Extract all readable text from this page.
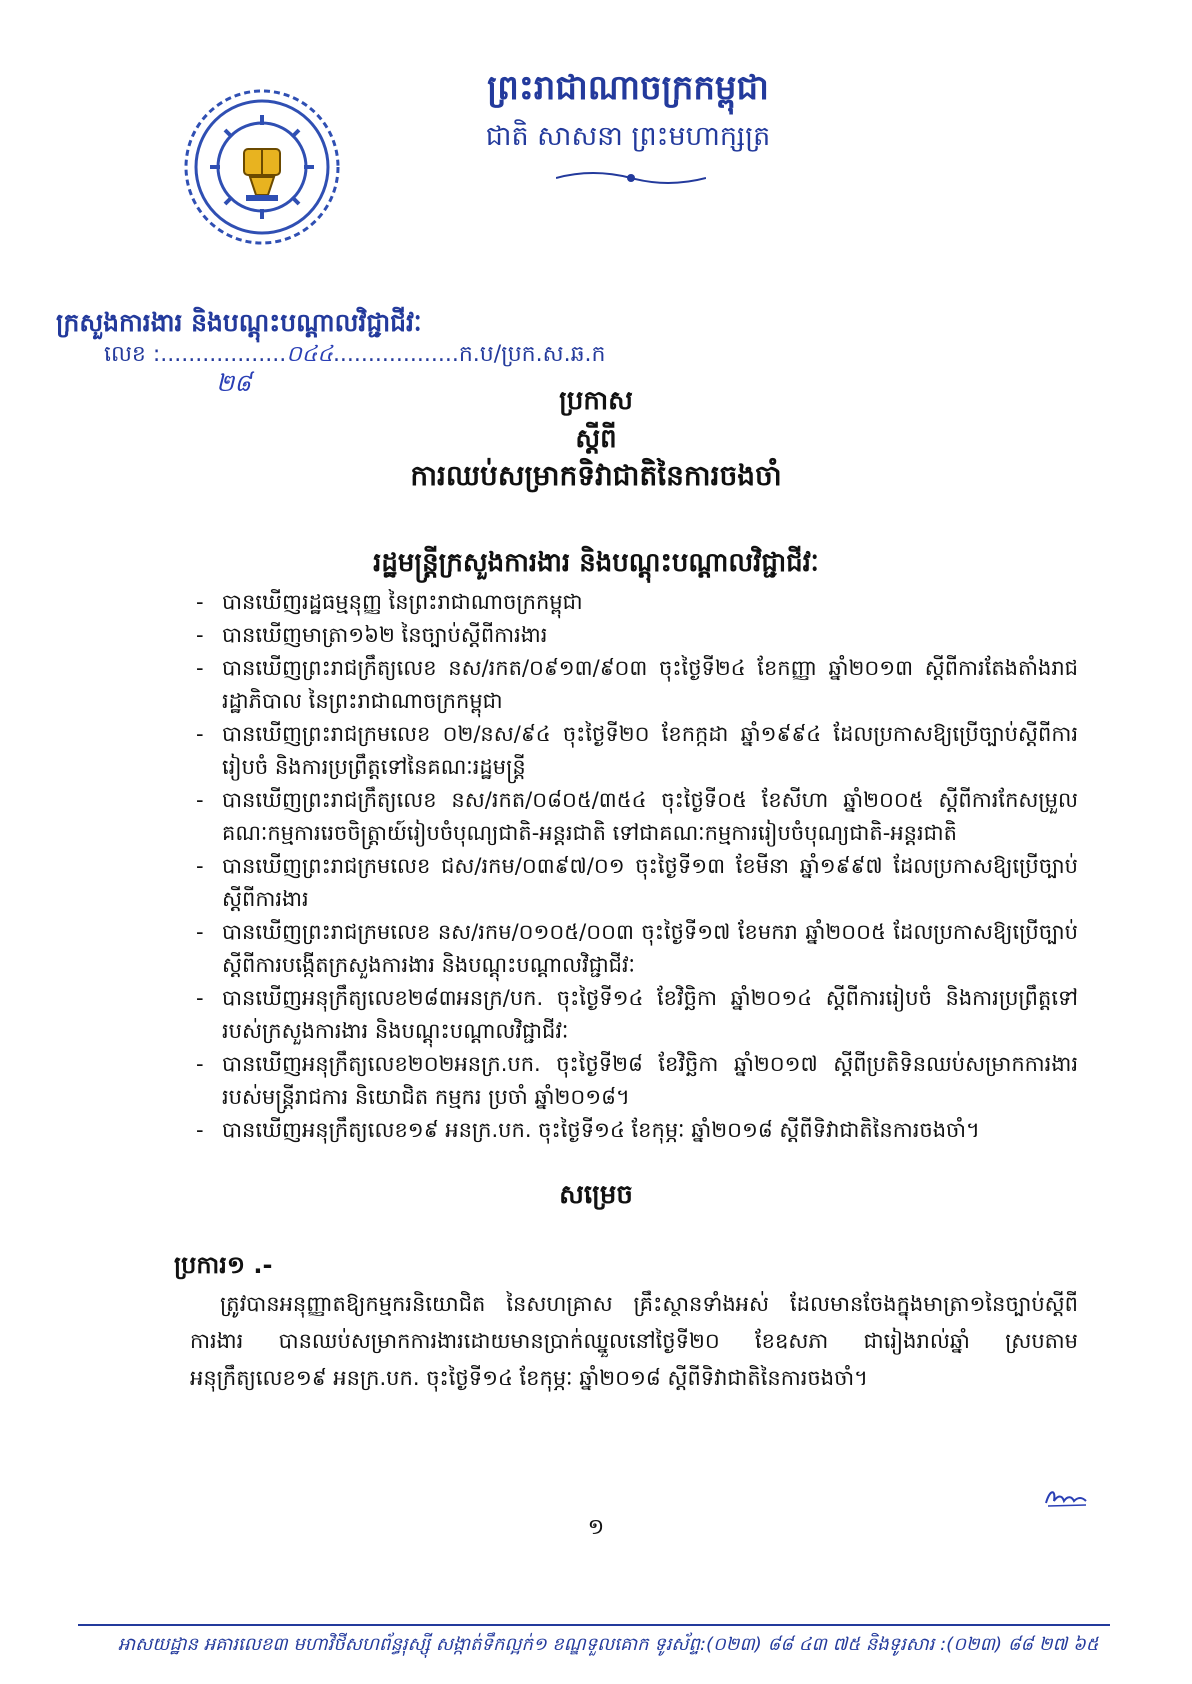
ព្រះរាជាណាចក្រកម្ពុជា
ជាតិ សាសនា ព្រះមហាក្សត្រ
ក្រសួងការងារ និងបណ្តុះបណ្តាលវិជ្ជាជីវៈ
លេខ :..................០៤៤..................ក.ប/ប្រក.ស.ឆ.ក
២៨
ប្រកាស
ស្តីពី
ការឈប់សម្រាកទិវាជាតិនៃការចងចាំ
រដ្ឋមន្ត្រីក្រសួងការងារ និងបណ្តុះបណ្តាលវិជ្ជាជីវៈ
- បានឃើញរដ្ឋធម្មនុញ្ញ នៃព្រះរាជាណាចក្រកម្ពុជា
- បានឃើញមាត្រា១៦២ នៃច្បាប់ស្តីពីការងារ
- បានឃើញព្រះរាជក្រឹត្យលេខ នស/រកត/០៩១៣/៩០៣ ចុះថ្ងៃទី២៤ ខែកញ្ញា ឆ្នាំ២០១៣ ស្តីពីការតែងតាំងរាជរដ្ឋាភិបាល នៃព្រះរាជាណាចក្រកម្ពុជា
- បានឃើញព្រះរាជក្រមលេខ ០២/នស/៩៤ ចុះថ្ងៃទី២០ ខែកក្កដា ឆ្នាំ១៩៩៤ ដែលប្រកាសឱ្យប្រើច្បាប់ស្តីពីការរៀបចំ និងការប្រព្រឹត្តទៅនៃគណៈរដ្ឋមន្ត្រី
- បានឃើញព្រះរាជក្រឹត្យលេខ នស/រកត/០៨០៥/៣៥៤ ចុះថ្ងៃទី០៥ ខែសីហា ឆ្នាំ២០០៥ ស្តីពីការកែសម្រួលគណៈកម្មការរេចចិត្រ្តាយ៍រៀបចំបុណ្យជាតិ-អន្តរជាតិ ទៅជាគណៈកម្មការរៀបចំបុណ្យជាតិ-អន្តរជាតិ
- បានឃើញព្រះរាជក្រមលេខ ជស/រកម/០៣៩៧/០១ ចុះថ្ងៃទី១៣ ខែមីនា ឆ្នាំ១៩៩៧ ដែលប្រកាសឱ្យប្រើច្បាប់ស្តីពីការងារ
- បានឃើញព្រះរាជក្រមលេខ នស/រកម/០១០៥/០០៣ ចុះថ្ងៃទី១៧ ខែមករា ឆ្នាំ២០០៥ ដែលប្រកាសឱ្យប្រើច្បាប់ស្តីពីការបង្កើតក្រសួងការងារ និងបណ្តុះបណ្តាលវិជ្ជាជីវៈ
- បានឃើញអនុក្រឹត្យលេខ២៨៣អនក្រ/បក. ចុះថ្ងៃទី១៤ ខែវិច្ឆិកា ឆ្នាំ២០១៤ ស្តីពីការរៀបចំ និងការប្រព្រឹត្តទៅរបស់ក្រសួងការងារ និងបណ្តុះបណ្តាលវិជ្ជាជីវៈ
- បានឃើញអនុក្រឹត្យលេខ២០២អនក្រ.បក. ចុះថ្ងៃទី២៨ ខែវិច្ឆិកា ឆ្នាំ២០១៧ ស្តីពីប្រតិទិនឈប់សម្រាកការងាររបស់មន្ត្រីរាជការ និយោជិត កម្មករ ប្រចាំ ឆ្នាំ២០១៨។
- បានឃើញអនុក្រឹត្យលេខ១៩ អនក្រ.បក. ចុះថ្ងៃទី១៤ ខែកុម្ភៈ ឆ្នាំ២០១៨ ស្តីពីទិវាជាតិនៃការចងចាំ។
សម្រេច
ប្រការ១ .-
ត្រូវបានអនុញ្ញាតឱ្យកម្មករនិយោជិត នៃសហគ្រាស គ្រឹះស្ថានទាំងអស់ ដែលមានចែងក្នុងមាត្រា១នៃច្បាប់ស្តីពីការងារ បានឈប់សម្រាកការងារដោយមានប្រាក់ឈ្នួលនៅថ្ងៃទី២០ ខែឧសភា ជារៀងរាល់ឆ្នាំ ស្របតាមអនុក្រឹត្យលេខ១៩ អនក្រ.បក. ចុះថ្ងៃទី១៤ ខែកុម្ភៈ ឆ្នាំ២០១៨ ស្តីពីទិវាជាតិនៃការចងចាំ។
១
អាសយដ្ឋាន អគារលេខ៣ មហាវិថីសហព័ន្ធរុស្ស៊ី សង្កាត់ទឹកល្អក់១ ខណ្ឌទួលគោក ទូរស័ព្ទ:(០២៣) ៨៨ ៤៣ ៧៥ និងទូរសារ :(០២៣) ៨៨ ២៧ ៦៥
